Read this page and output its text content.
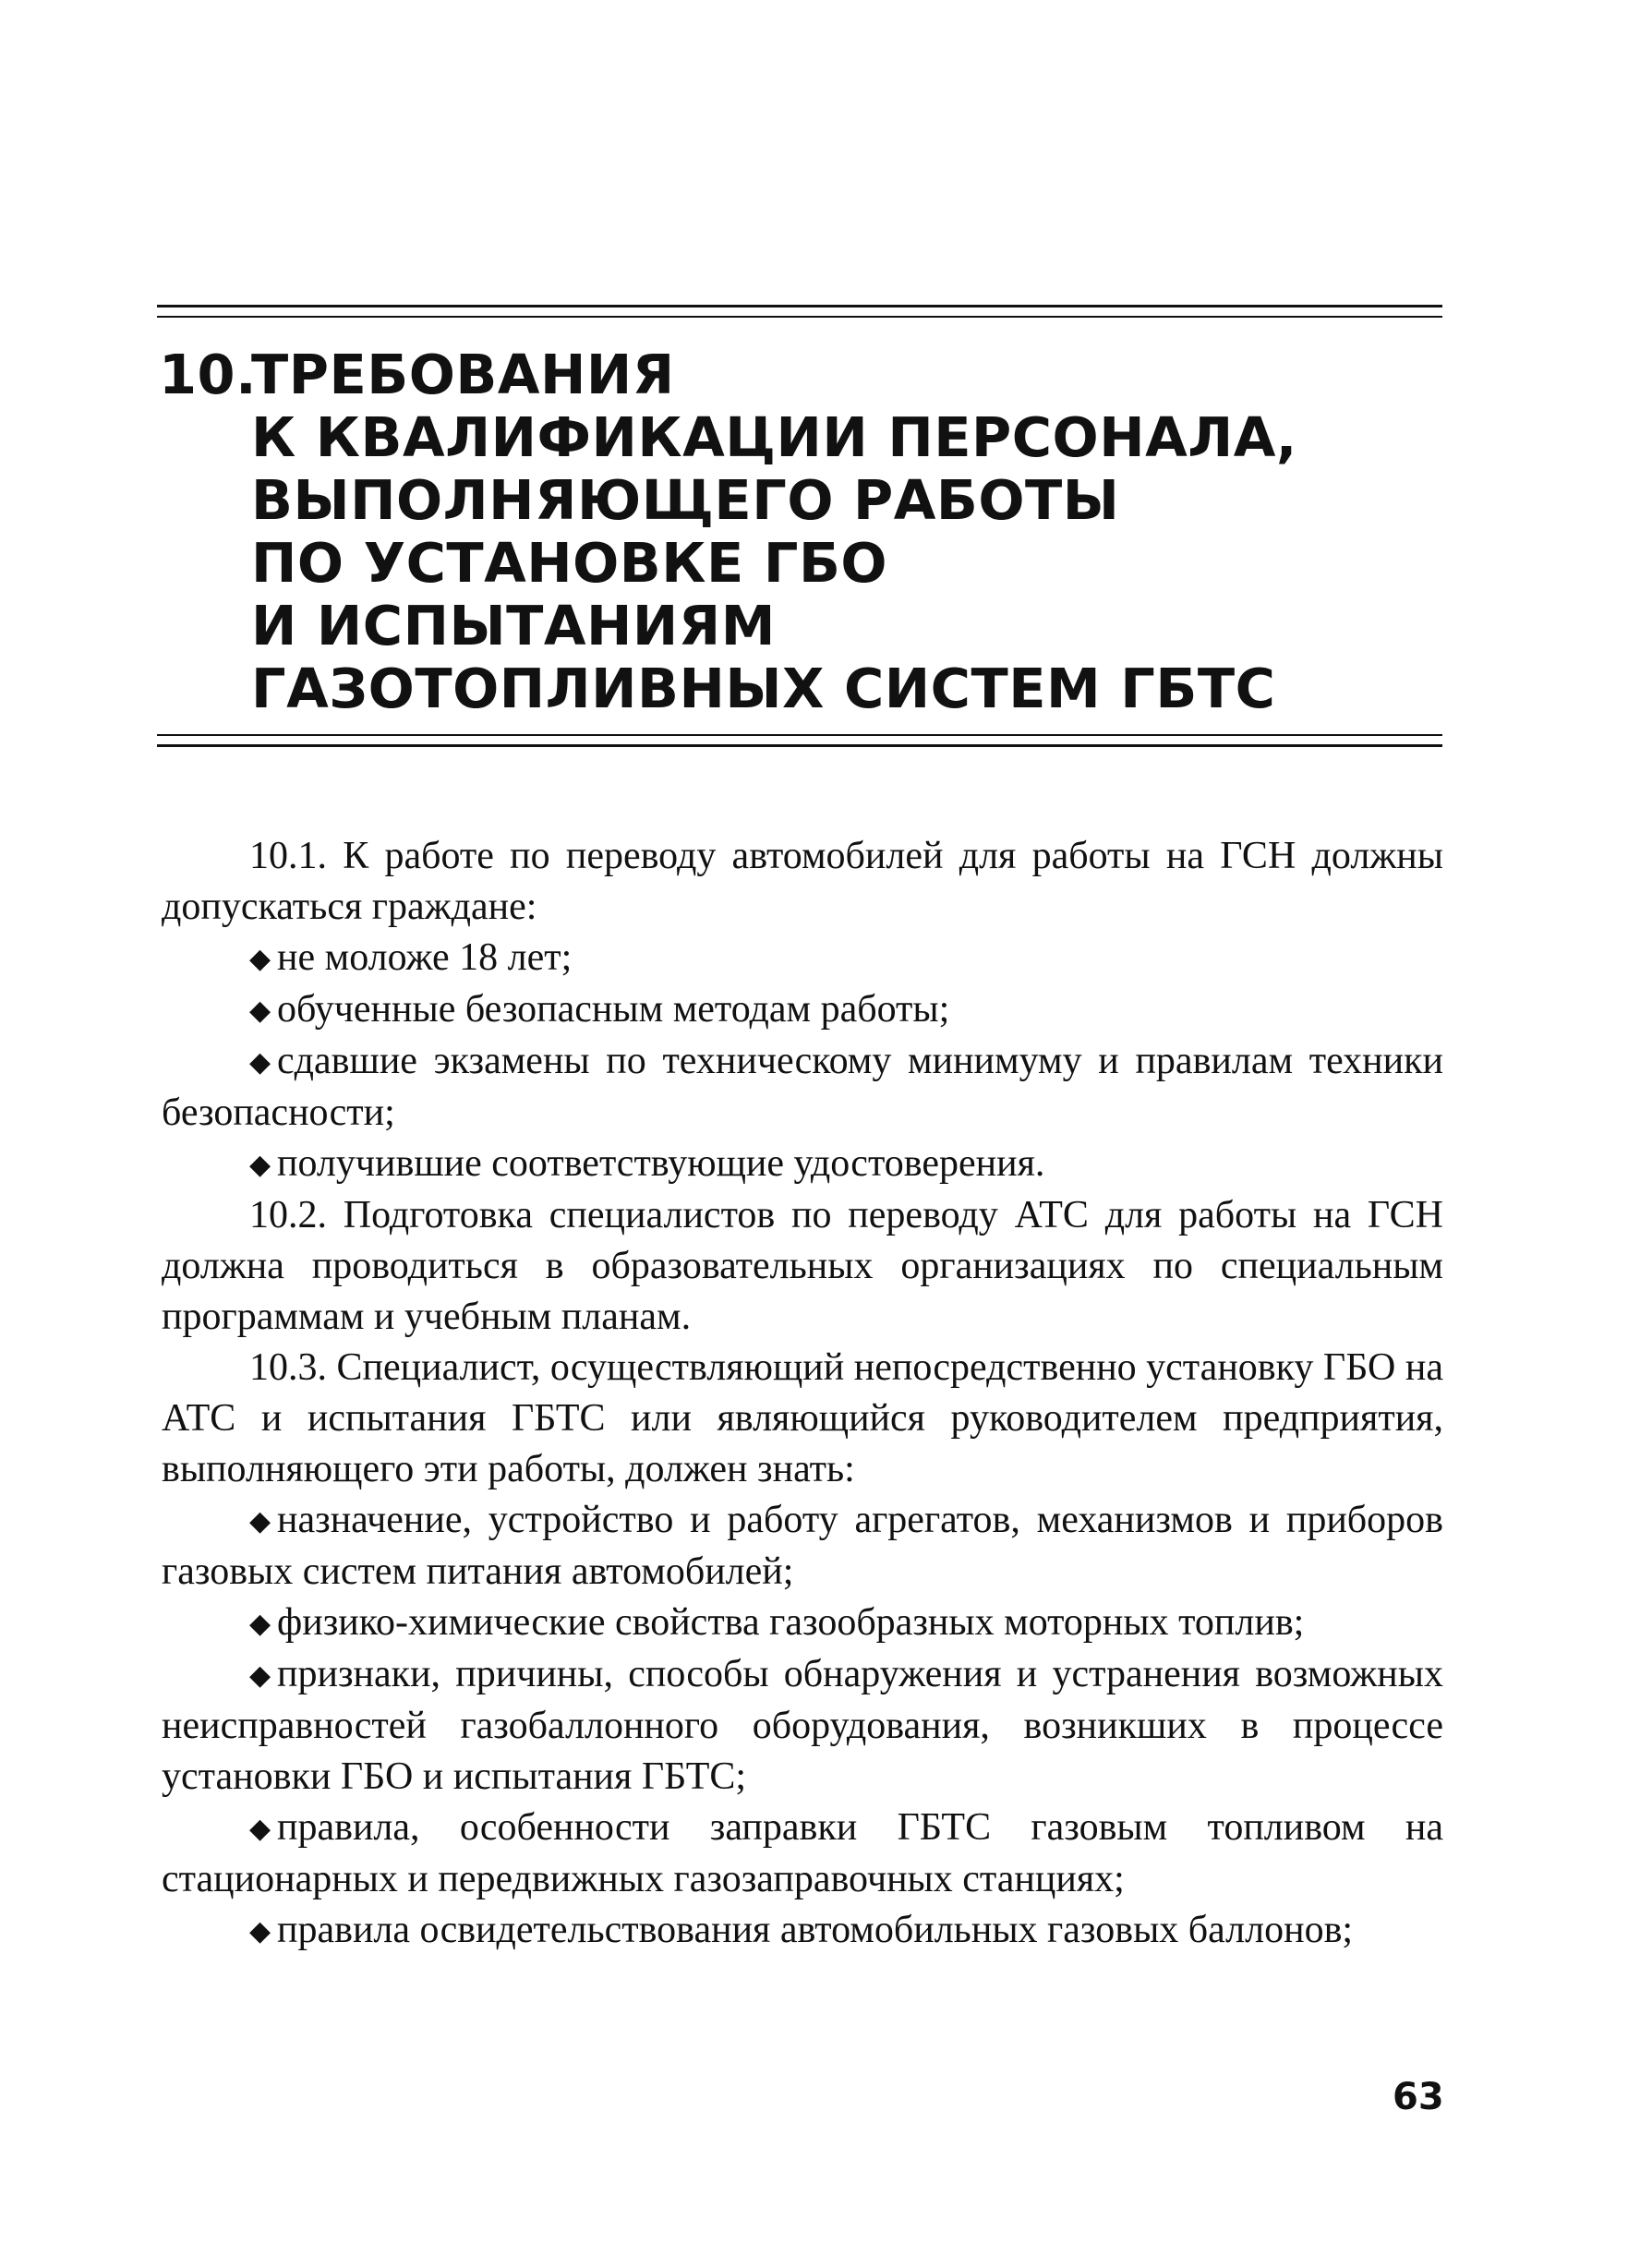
10.ТРЕБОВАНИЯ
К КВАЛИФИКАЦИИ ПЕРСОНАЛА,
ВЫПОЛНЯЮЩЕГО РАБОТЫ
ПО УСТАНОВКЕ ГБО
И ИСПЫТАНИЯМ
ГАЗОТОПЛИВНЫХ СИСТЕМ ГБТС

10.1. К работе по переводу автомобилей для работы на ГСН должны допускаться граждане:

◆ не моложе 18 лет;

◆ обученные безопасным методам работы;

◆ сдавшие экзамены по техническому минимуму и правилам техники безопасности;

◆ получившие соответствующие удостоверения.

10.2. Подготовка специалистов по переводу АТС для работы на ГСН должна проводиться в образовательных организациях по специальным программам и учебным планам.

10.3. Специалист, осуществляющий непосредственно установку ГБО на АТС и испытания ГБТС или являющийся руководителем предприятия, выполняющего эти работы, должен знать:

◆ назначение, устройство и работу агрегатов, механизмов и приборов газовых систем питания автомобилей;

◆ физико-химические свойства газообразных моторных топлив;

◆ признаки, причины, способы обнаружения и устранения возможных неисправностей газобаллонного оборудования, возникших в процессе установки ГБО и испытания ГБТС;

◆ правила, особенности заправки ГБТС газовым топливом на стационарных и передвижных газозаправочных станциях;

◆ правила освидетельствования автомобильных газовых баллонов;

63
